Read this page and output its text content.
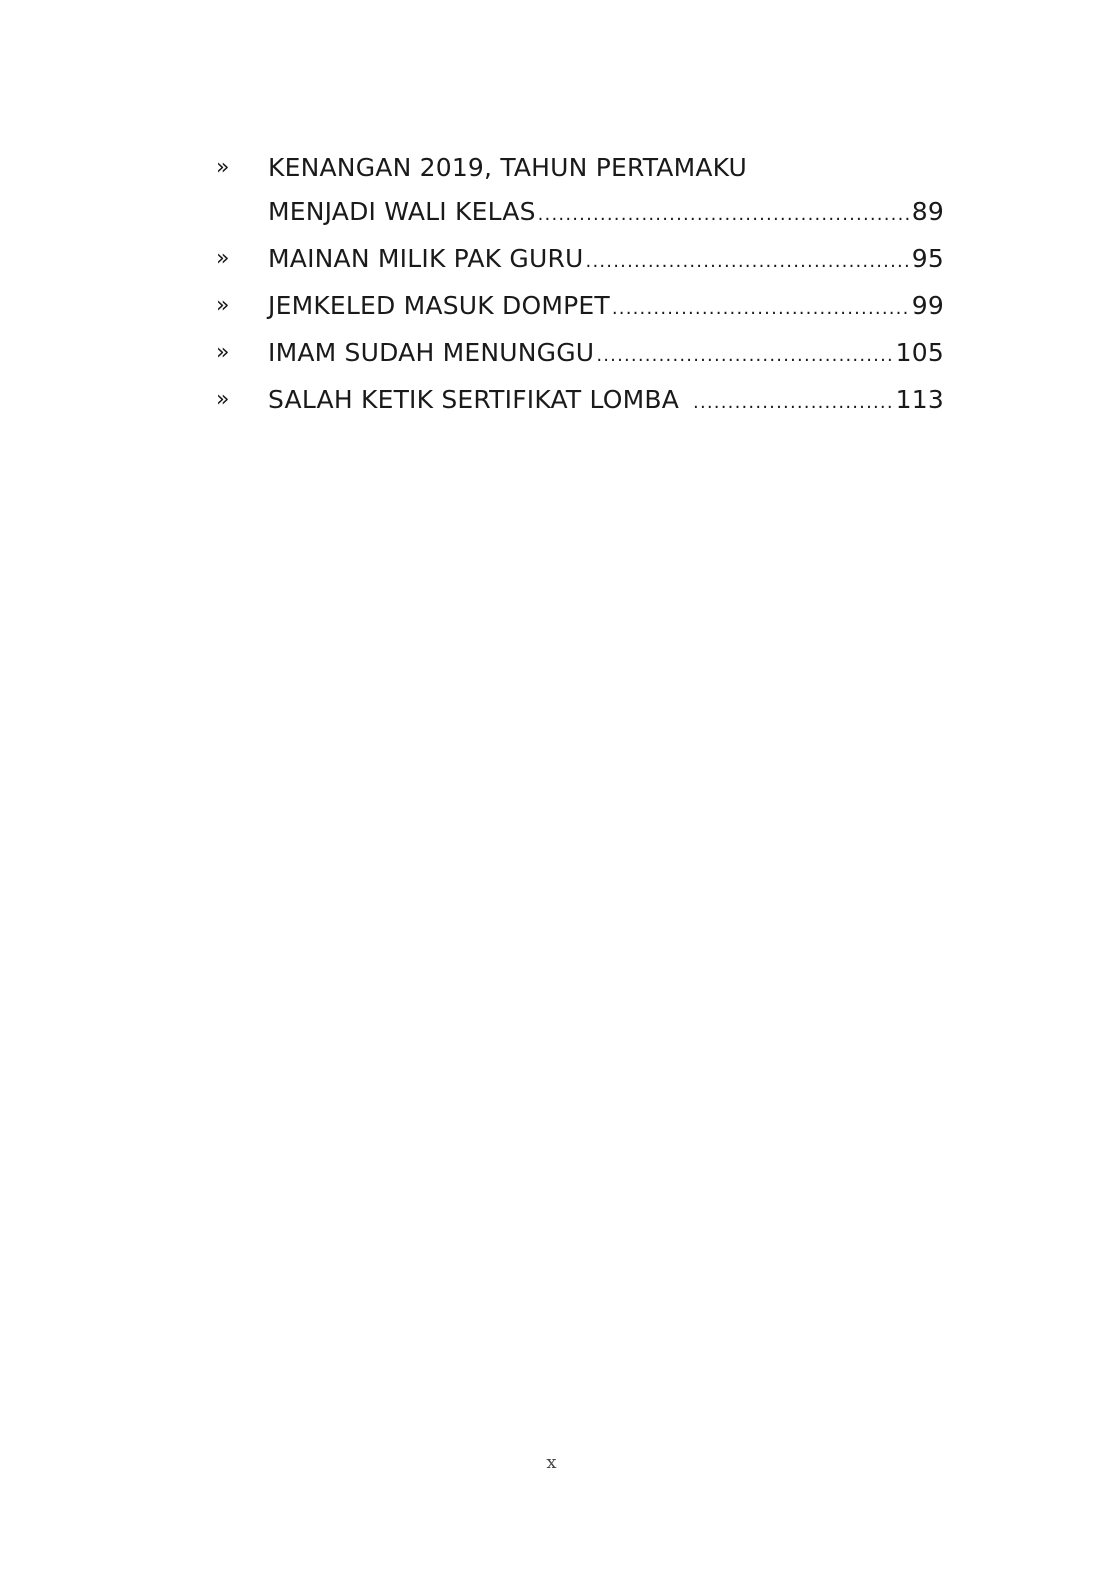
»	KENANGAN 2019, TAHUN PERTAMAKU
MENJADI WALI KELAS .....	89
»	MAINAN MILIK PAK GURU .....	95
»	JEMKELED MASUK DOMPET .....	99
»	IMAM SUDAH MENUNGGU .....	105
»	SALAH KETIK SERTIFIKAT LOMBA .....	113
x
